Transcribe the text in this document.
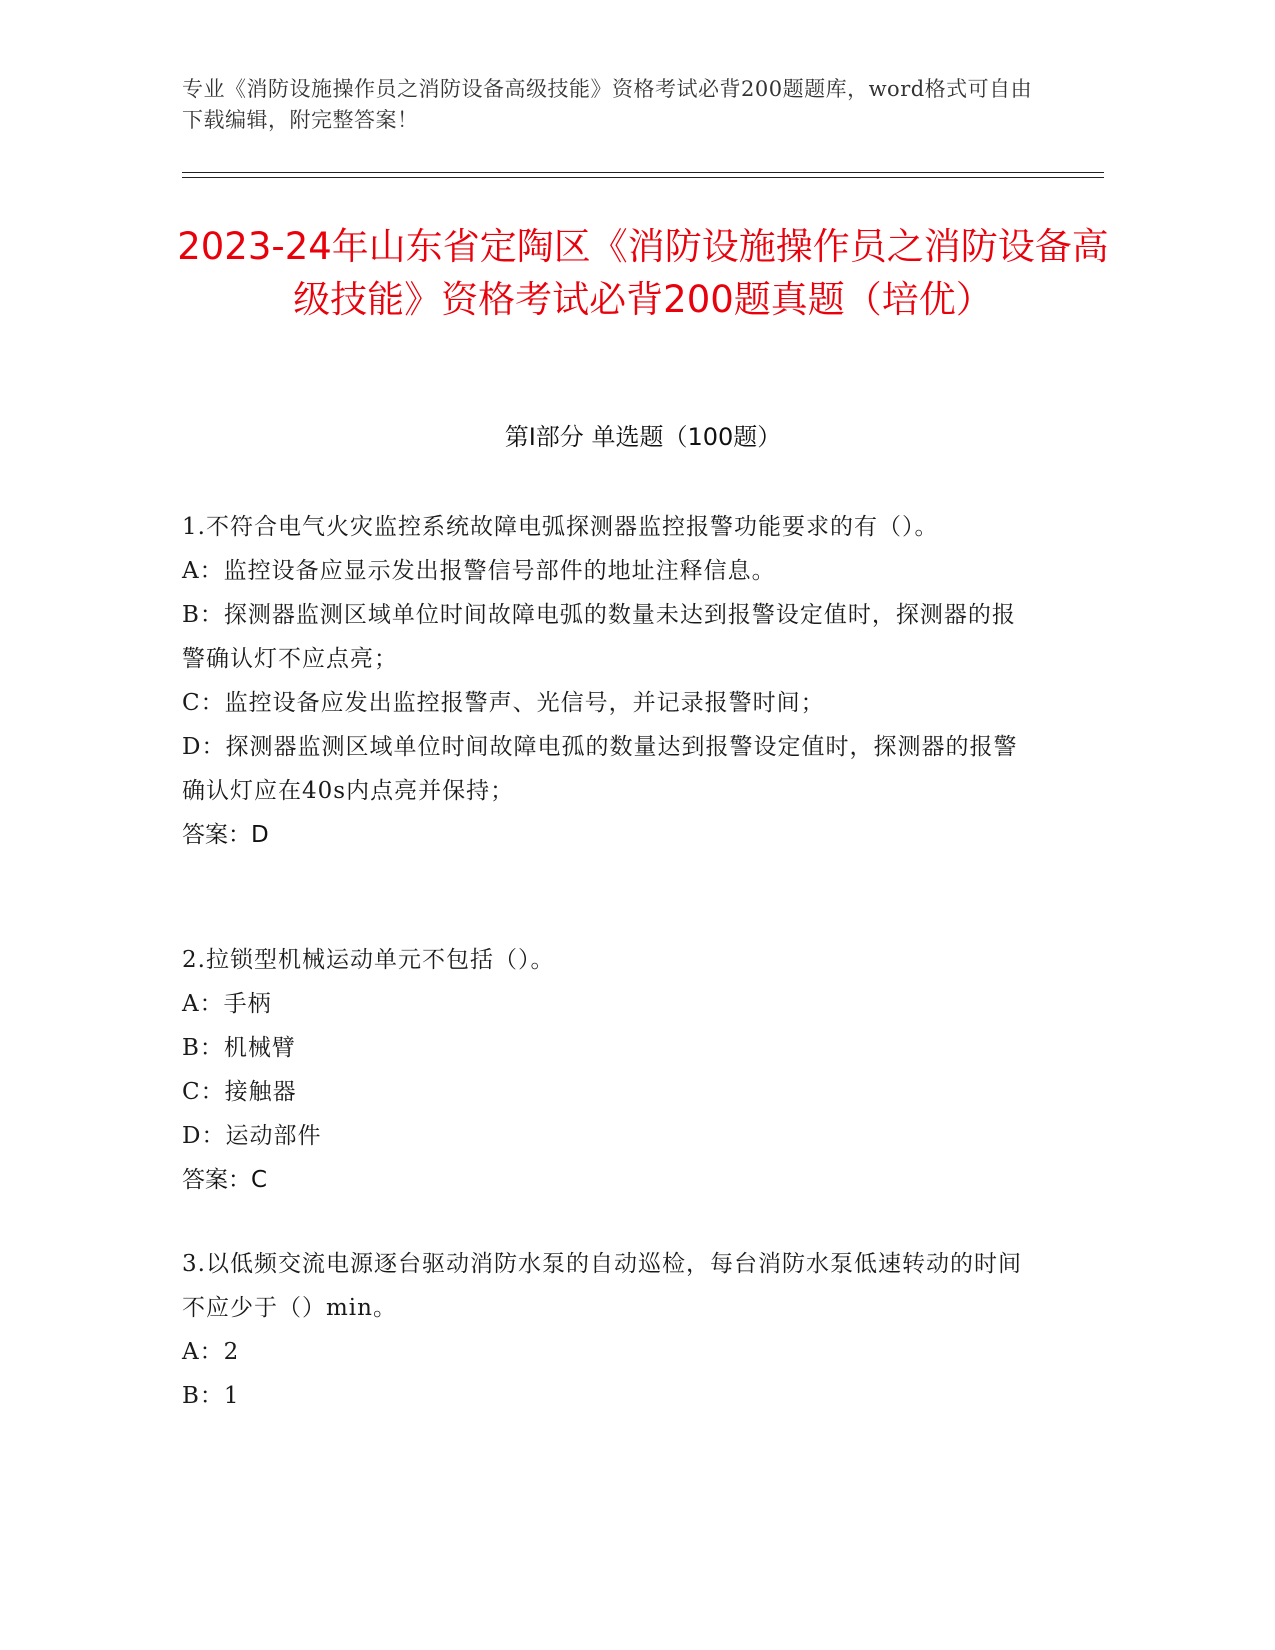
专业《消防设施操作员之消防设备高级技能》资格考试必背200题题库，word格式可自由下载编辑，附完整答案！
2023-24年山东省定陶区《消防设施操作员之消防设备高级技能》资格考试必背200题真题（培优）
第Ⅰ部分 单选题（100题）

1.不符合电气火灾监控系统故障电弧探测器监控报警功能要求的有（）。

A：监控设备应显示发出报警信号部件的地址注释信息。

B：探测器监测区域单位时间故障电弧的数量未达到报警设定值时，探测器的报警确认灯不应点亮；

C：监控设备应发出监控报警声、光信号，并记录报警时间；

D：探测器监测区域单位时间故障电孤的数量达到报警设定值时，探测器的报警确认灯应在40s内点亮并保持；

答案：D

2.拉锁型机械运动单元不包括（）。

A：手柄

B：机械臂

C：接触器

D：运动部件

答案：C

3.以低频交流电源逐台驱动消防水泵的自动巡检，每台消防水泵低速转动的时间不应少于（）min。

A：2

B：1
